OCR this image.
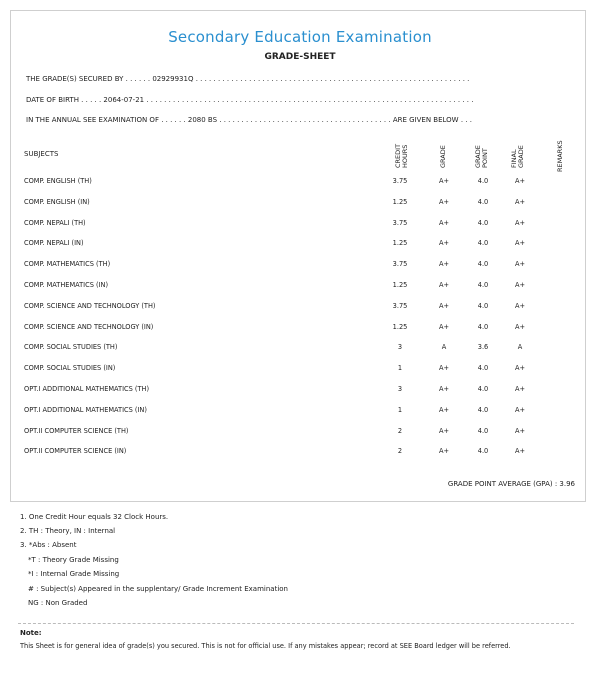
Secondary Education Examination
GRADE-SHEET
THE GRADE(S) SECURED BY . . . . . . 02929931Q . . . . . . . . . . . . . . . . . . . . . . . . . . . . . . . . . . . . . . . . . . . . . . . . . . . . . . . . . . . . . .
DATE OF BIRTH . . . . . 2064-07-21 . . . . . . . . . . . . . . . . . . . . . . . . . . . . . . . . . . . . . . . . . . . . . . . . . . . . . . . . . . . . . . . . . . . . . . . . . .
IN THE ANNUAL SEE EXAMINATION OF . . . . . . 2080 BS . . . . . . . . . . . . . . . . . . . . . . . . . . . . . . . . . . . . . . . ARE GIVEN BELOW . . .
SUBJECTS	CREDIT HOURS	GRADE	GRADE POINT	FINAL GRADE	REMARKS
COMP. ENGLISH (TH)	3.75	A+	4.0	A+
COMP. ENGLISH (IN)	1.25	A+	4.0	A+
COMP. NEPALI (TH)	3.75	A+	4.0	A+
COMP. NEPALI (IN)	1.25	A+	4.0	A+
COMP. MATHEMATICS (TH)	3.75	A+	4.0	A+
COMP. MATHEMATICS (IN)	1.25	A+	4.0	A+
COMP. SCIENCE AND TECHNOLOGY (TH)	3.75	A+	4.0	A+
COMP. SCIENCE AND TECHNOLOGY (IN)	1.25	A+	4.0	A+
COMP. SOCIAL STUDIES (TH)	3	A	3.6	A
COMP. SOCIAL STUDIES (IN)	1	A+	4.0	A+
OPT.I ADDITIONAL MATHEMATICS (TH)	3	A+	4.0	A+
OPT.I ADDITIONAL MATHEMATICS (IN)	1	A+	4.0	A+
OPT.II COMPUTER SCIENCE (TH)	2	A+	4.0	A+
OPT.II COMPUTER SCIENCE (IN)	2	A+	4.0	A+
GRADE POINT AVERAGE (GPA) : 3.96
1. One Credit Hour equals 32 Clock Hours.
2. TH : Theory, IN : Internal
3. *Abs : Absent
*T : Theory Grade Missing
*I : Internal Grade Missing
# : Subject(s) Appeared in the supplentary/ Grade Increment Examination
NG : Non Graded
Note:
This Sheet is for general idea of grade(s) you secured. This is not for official use. If any mistakes appear; record at SEE Board ledger will be referred.
